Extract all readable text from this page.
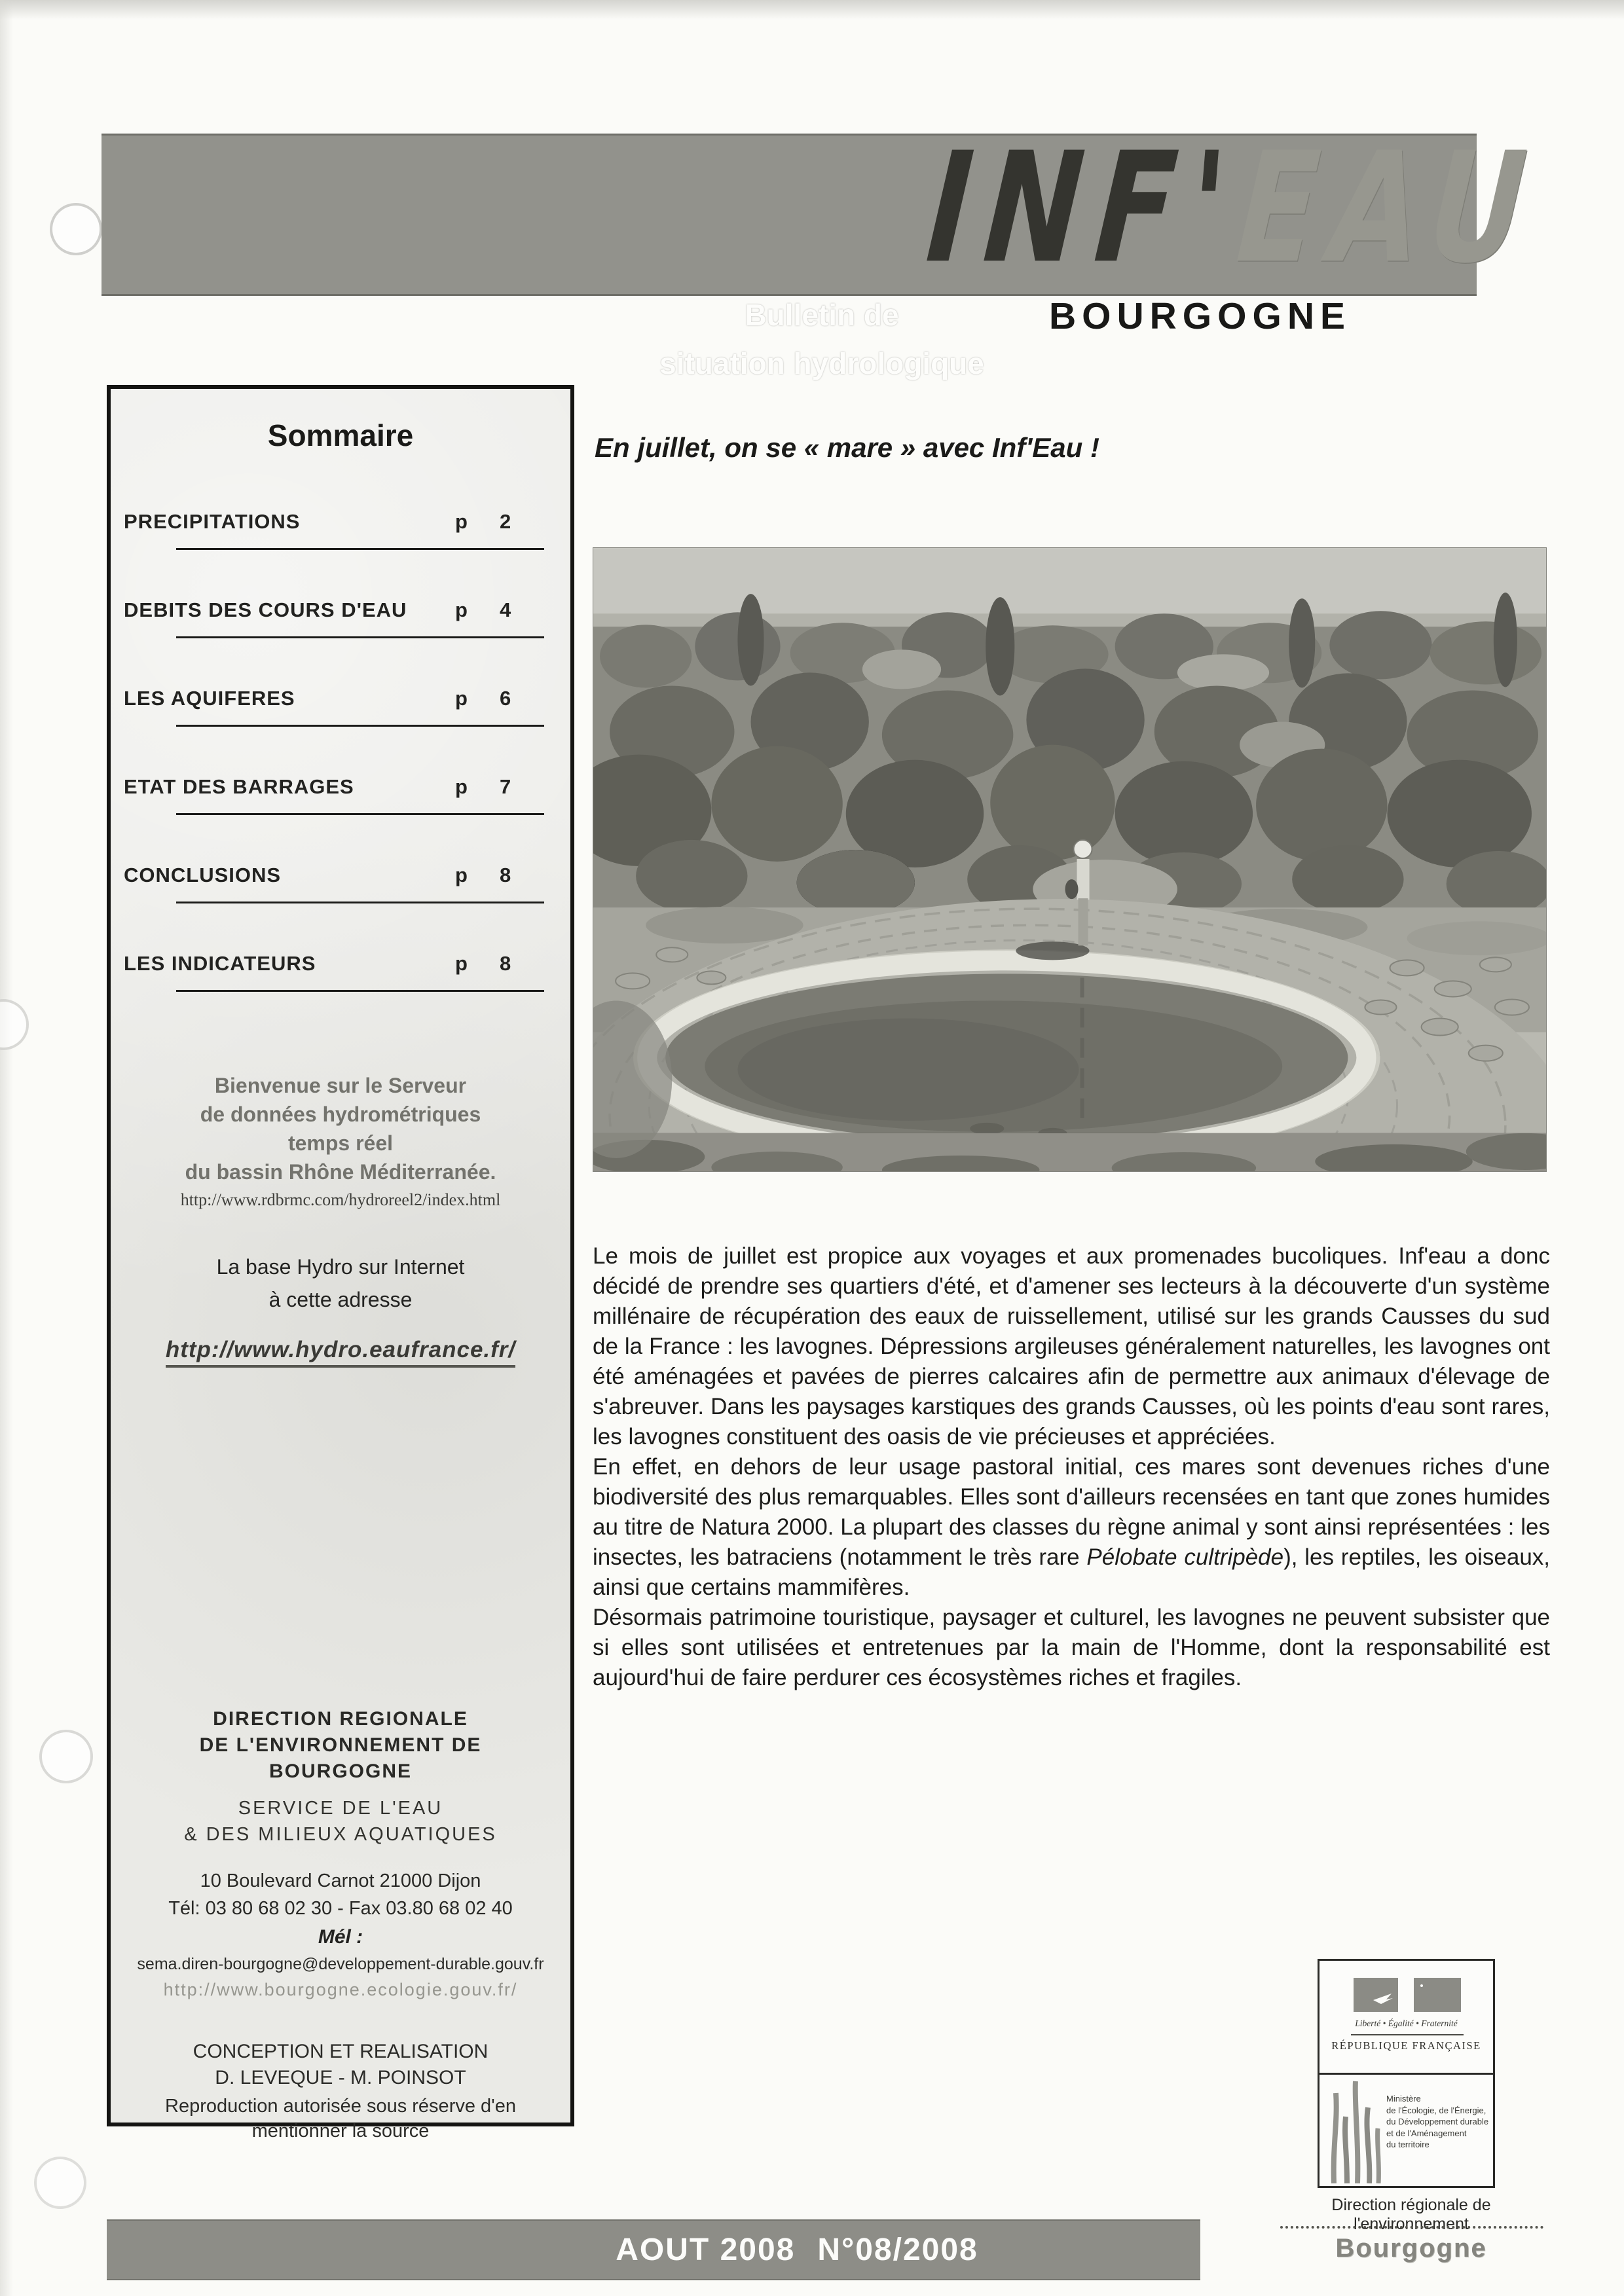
Bulletin de
situation hydrologique
INF'EAU
BOURGOGNE
Sommaire
PRECIPITATIONS	p 2
DEBITS DES COURS D'EAU p 4
LES AQUIFERES	p 6
ETAT DES BARRAGES	p 7
CONCLUSIONS	p 8
LES INDICATEURS	p 8
Bienvenue sur le Serveur
de données hydrométriques
temps réel
du bassin Rhône Méditerranée.
http://www.rdbrmc.com/hydroreel2/index.html
La base Hydro sur Internet
à cette adresse
http://www.hydro.eaufrance.fr/
DIRECTION REGIONALE
DE L'ENVIRONNEMENT DE
BOURGOGNE
SERVICE DE L'EAU
& DES MILIEUX AQUATIQUES
10 Boulevard Carnot 21000 Dijon
Tél: 03 80 68 02 30 - Fax 03.80 68 02 40
Mél :
sema.diren-bourgogne@developpement-durable.gouv.fr
http://www.bourgogne.ecologie.gouv.fr/
CONCEPTION ET REALISATION
D. LEVEQUE - M. POINSOT
Reproduction autorisée sous réserve d'en
mentionner la source
En juillet, on se « mare » avec Inf'Eau !

Le mois de juillet est propice aux voyages et aux promenades bucoliques. Inf'eau a donc décidé de prendre ses quartiers d'été, et d'amener ses lecteurs à la découverte d'un système millénaire de récupération des eaux de ruissellement, utilisé sur les grands Causses du sud de la France : les lavognes. Dépressions argileuses généralement naturelles, les lavognes ont été aménagées et pavées de pierres calcaires afin de permettre aux animaux d'élevage de s'abreuver. Dans les paysages karstiques des grands Causses, où les points d'eau sont rares, les lavognes constituent des oasis de vie précieuses et appréciées.

En effet, en dehors de leur usage pastoral initial, ces mares sont devenues riches d'une biodiversité des plus remarquables. Elles sont d'ailleurs recensées en tant que zones humides au titre de Natura 2000. La plupart des classes du règne animal y sont ainsi représentées : les insectes, les batraciens (notamment le très rare Pélobate cultripède), les reptiles, les oiseaux, ainsi que certains mammifères.

Désormais patrimoine touristique, paysager et culturel, les lavognes ne peuvent subsister que si elles sont utilisées et entretenues par la main de l'Homme, dont la responsabilité est aujourd'hui de faire perdurer ces écosystèmes riches et fragiles.

AOUT 2008 N°08/2008
Liberté • Égalité • Fraternité
RÉPUBLIQUE FRANÇAISE
Ministère
de l'Écologie, de l'Énergie,
du Développement durable
et de l'Aménagement
du territoire
Direction régionale de l'environnement
Bourgogne
